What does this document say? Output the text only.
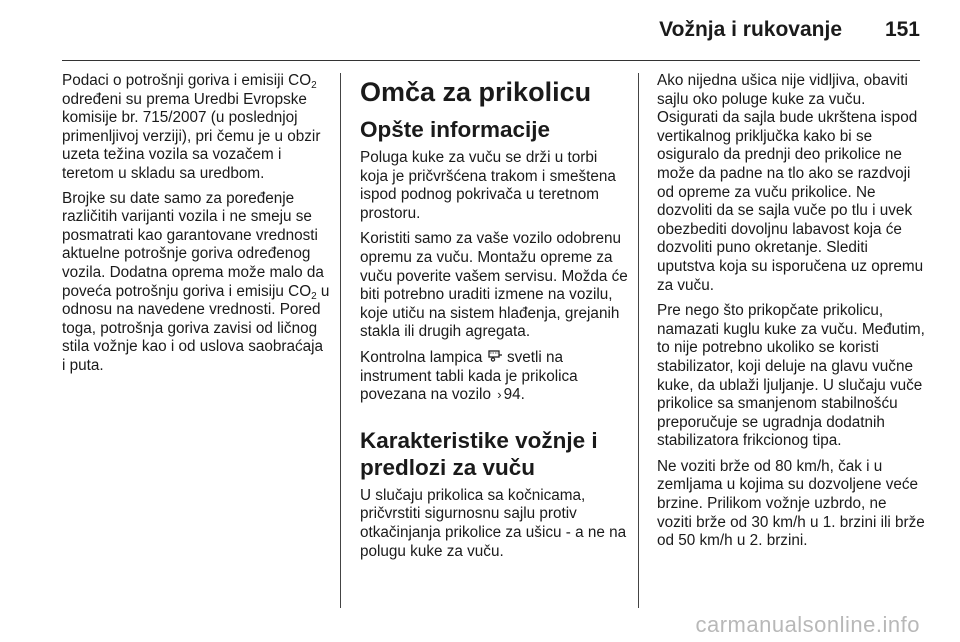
Vožnja i rukovanje 151

Podaci o potrošnji goriva i emisiji CO2 određeni su prema Uredbi Evropske komisije br. 715/2007 (u poslednjoj primenljivoj verziji), pri čemu je u obzir uzeta težina vozila sa vozačem i teretom u skladu sa uredbom.

Brojke su date samo za poređenje različitih varijanti vozila i ne smeju se posmatrati kao garantovane vrednosti aktuelne potrošnje goriva određenog vozila. Dodatna oprema može malo da poveća potrošnju goriva i emisiju CO2 u odnosu na navedene vrednosti. Pored toga, potrošnja goriva zavisi od ličnog stila vožnje kao i od uslova saobraćaja i puta.

Omča za prikolicu
Opšte informacije

Poluga kuke za vuču se drži u torbi koja je pričvršćena trakom i smeštena ispod podnog pokrivača u teretnom prostoru.

Koristiti samo za vaše vozilo odobrenu opremu za vuču. Montažu opreme za vuču poverite vašem servisu. Možda će biti potrebno uraditi izmene na vozilu, koje utiču na sistem hlađenja, grejanih stakla ili drugih agregata.

Kontrolna lampica  svetli na instrument tabli kada je prikolica povezana na vozilo › 94.

Karakteristike vožnje i predlozi za vuču

U slučaju prikolica sa kočnicama, pričvrstiti sigurnosnu sajlu protiv otkačinjanja prikolice za ušicu - a ne na polugu kuke za vuču.

Ako nijedna ušica nije vidljiva, obaviti sajlu oko poluge kuke za vuču. Osigurati da sajla bude ukrštena ispod vertikalnog priključka kako bi se osiguralo da prednji deo prikolice ne može da padne na tlo ako se razdvoji od opreme za vuču prikolice. Ne dozvoliti da se sajla vuče po tlu i uvek obezbediti dovoljnu labavost koja će dozvoliti puno okretanje. Slediti uputstva koja su isporučena uz opremu za vuču.

Pre nego što prikopčate prikolicu, namazati kuglu kuke za vuču. Međutim, to nije potrebno ukoliko se koristi stabilizator, koji deluje na glavu vučne kuke, da ublaži ljuljanje. U slučaju vuče prikolice sa smanjenom stabilnošću preporučuje se ugradnja dodatnih stabilizatora frikcionog tipa.

Ne voziti brže od 80 km/h, čak i u zemljama u kojima su dozvoljene veće brzine. Prilikom vožnje uzbrdo, ne voziti brže od 30 km/h u 1. brzini ili brže od 50 km/h u 2. brzini.

carmanualsonline.info
